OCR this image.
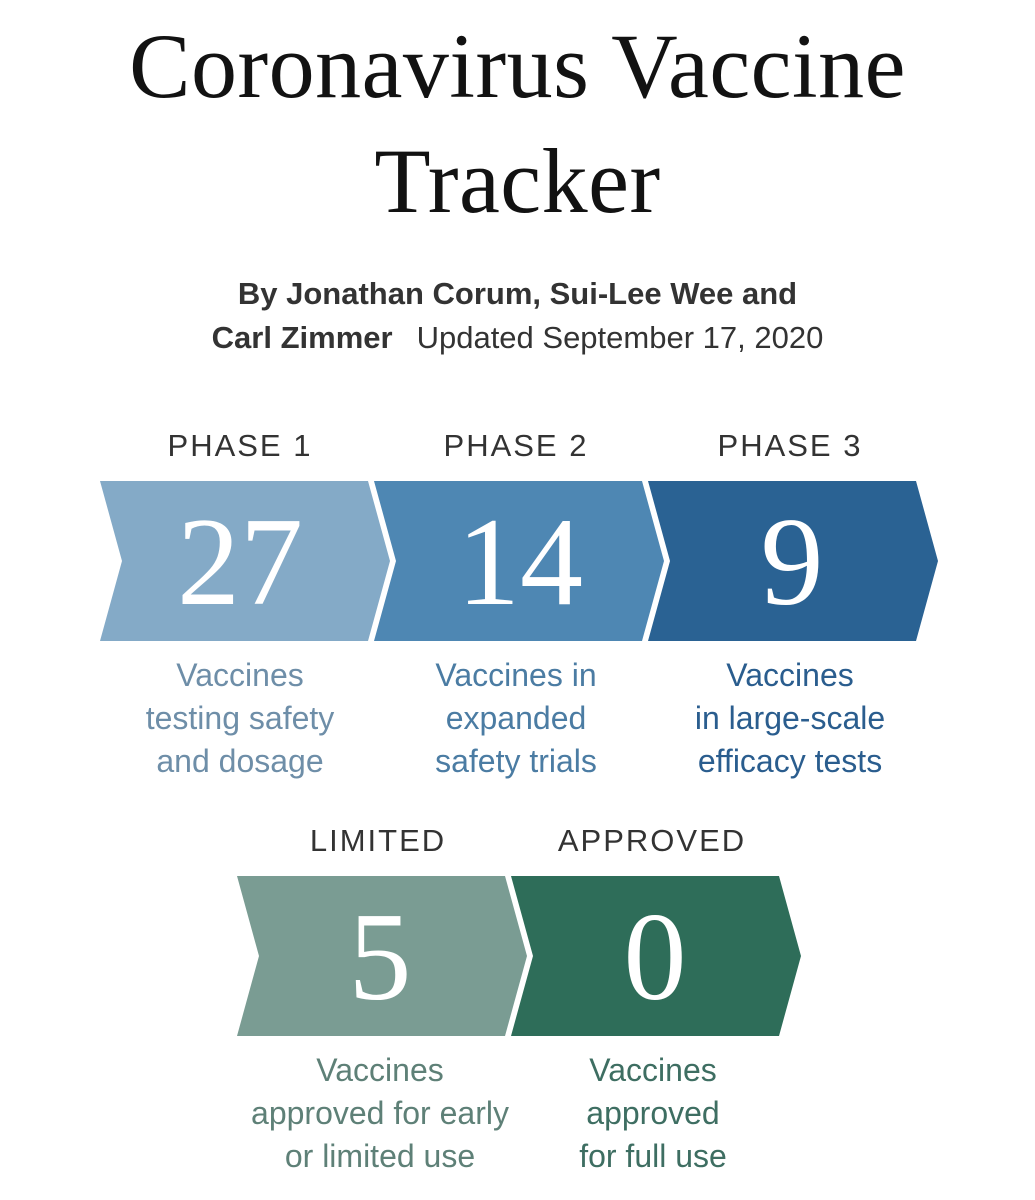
Coronavirus Vaccine
Tracker
By Jonathan Corum, Sui-Lee Wee and
Carl Zimmer Updated September 17, 2020
PHASE 1
27
Vaccines
testing safety
and dosage
PHASE 2
14
Vaccines in
expanded
safety trials
PHASE 3
9
Vaccines
in large-scale
efficacy tests
LIMITED
5
Vaccines
approved for early
or limited use
APPROVED
0
Vaccines
approved
for full use
